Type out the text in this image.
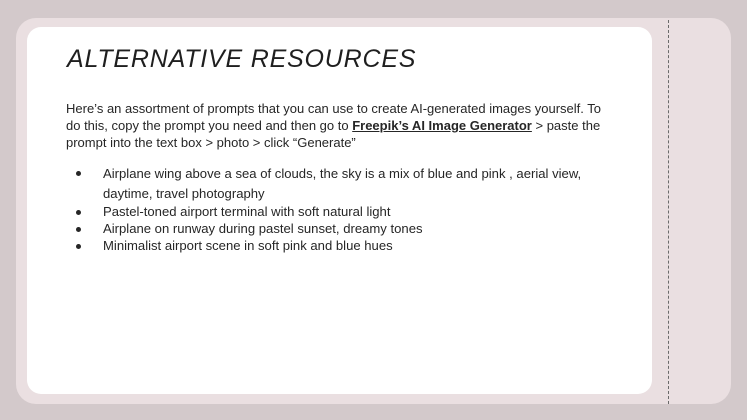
ALTERNATIVE RESOURCES

Here’s an assortment of prompts that you can use to create AI-generated images yourself. To do this, copy the prompt you need and then go to Freepik’s AI Image Generator > paste the prompt into the text box > photo > click “Generate”

Airplane wing above a sea of clouds, the sky is a mix of blue and pink , aerial view, daytime, travel photography
Pastel-toned airport terminal with soft natural light
Airplane on runway during pastel sunset, dreamy tones
Minimalist airport scene in soft pink and blue hues
